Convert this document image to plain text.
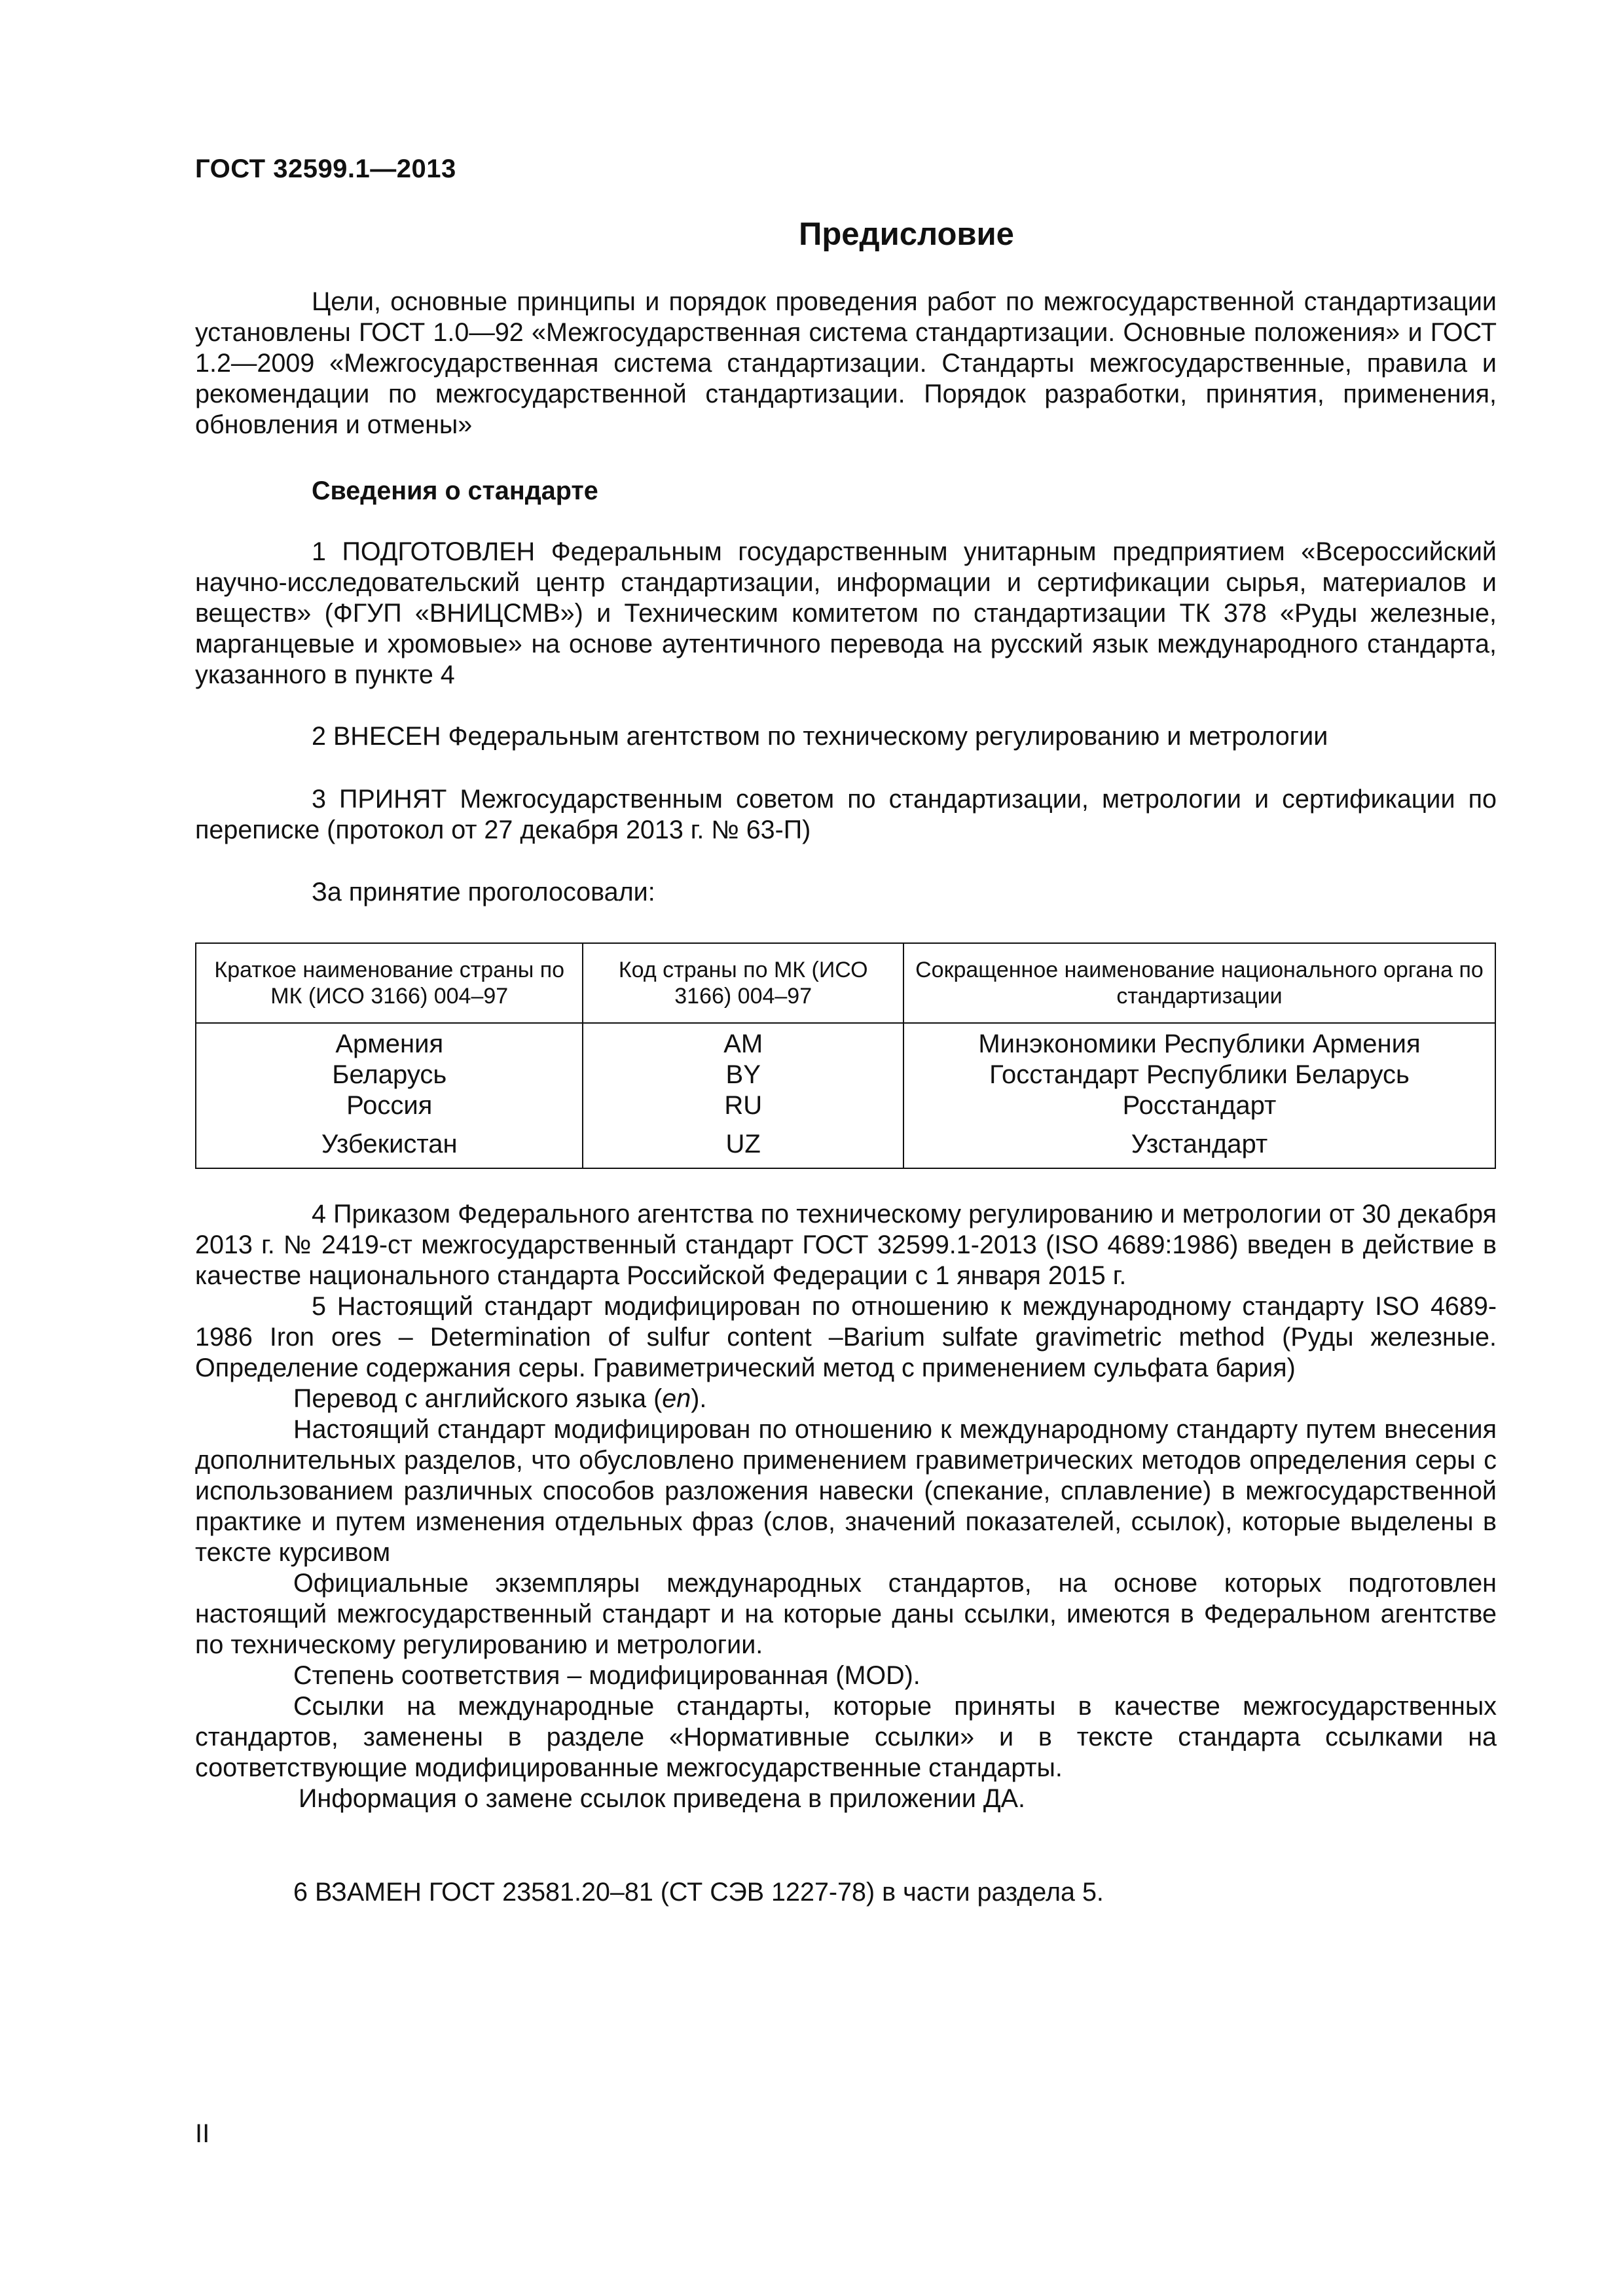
ГОСТ 32599.1—2013
Предисловие
Цели, основные принципы и порядок проведения работ по межгосударственной стандартизации установлены ГОСТ 1.0—92 «Межгосударственная система стандартизации. Основные положения» и ГОСТ 1.2—2009 «Межгосударственная система стандартизации. Стандарты межгосударственные, правила и рекомендации по межгосударственной стандартизации. Порядок разработки, принятия, применения, обновления и отмены»
Сведения о стандарте
1 ПОДГОТОВЛЕН Федеральным государственным унитарным предприятием «Всероссийский научно-исследовательский центр стандартизации, информации и сертификации сырья, материалов и веществ» (ФГУП «ВНИЦСМВ») и Техническим комитетом по стандартизации ТК 378 «Руды железные, марганцевые и хромовые» на основе аутентичного перевода на русский язык международного стандарта, указанного в пункте 4
2 ВНЕСЕН Федеральным агентством по техническому регулированию и метрологии
3 ПРИНЯТ Межгосударственным советом по стандартизации, метрологии и сертификации по переписке (протокол от 27 декабря 2013 г. № 63-П)
За принятие проголосовали:
Краткое наименование страны по МК (ИСО 3166) 004–97	Код страны по МК (ИСО 3166) 004–97	Сокращенное наименование национального органа по стандартизации
Армения	AM	Минэкономики Республики Армения
Беларусь	BY	Госстандарт Республики Беларусь
Россия	RU	Росстандарт
Узбекистан	UZ	Узстандарт
4 Приказом Федерального агентства по техническому регулированию и метрологии от 30 декабря 2013 г. № 2419-ст межгосударственный стандарт ГОСТ 32599.1-2013 (ISO 4689:1986) введен в действие в качестве национального стандарта Российской Федерации с 1 января 2015 г.
5 Настоящий стандарт модифицирован по отношению к международному стандарту ISO 4689-1986 Iron ores – Determination of sulfur content –Barium sulfate gravimetric method (Руды железные. Определение содержания серы. Гравиметрический метод с применением сульфата бария)
Перевод с английского языка (en).
Настоящий стандарт модифицирован по отношению к международному стандарту путем внесения дополнительных разделов, что обусловлено применением гравиметрических методов определения серы с использованием различных способов разложения навески (спекание, сплавление) в межгосударственной практике и путем изменения отдельных фраз (слов, значений показателей, ссылок), которые выделены в тексте курсивом
Официальные экземпляры международных стандартов, на основе которых подготовлен настоящий межгосударственный стандарт и на которые даны ссылки, имеются в Федеральном агентстве по техническому регулированию и метрологии.
Степень соответствия – модифицированная (MOD).
Ссылки на международные стандарты, которые приняты в качестве межгосударственных стандартов, заменены в разделе «Нормативные ссылки» и в тексте стандарта ссылками на соответствующие модифицированные межгосударственные стандарты.
Информация о замене ссылок приведена в приложении ДА.
6 ВЗАМЕН ГОСТ 23581.20–81 (СТ СЭВ 1227-78) в части раздела 5.
II
